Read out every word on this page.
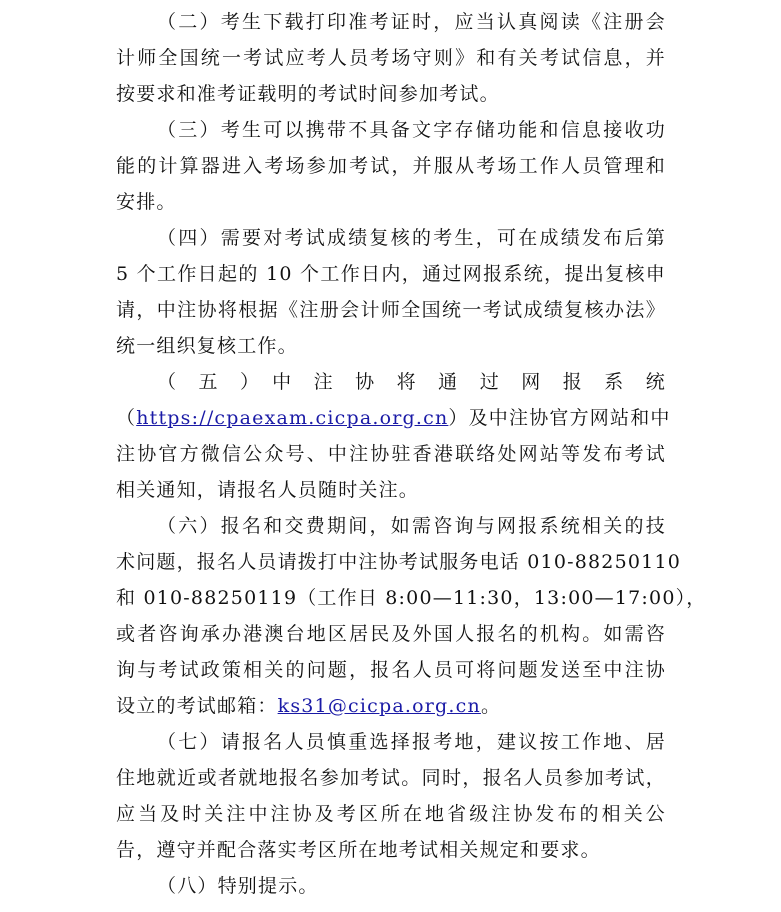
（二）考生下载打印准考证时，应当认真阅读《注册会
计师全国统一考试应考人员考场守则》和有关考试信息，并
按要求和准考证载明的考试时间参加考试。
（三）考生可以携带不具备文字存储功能和信息接收功
能的计算器进入考场参加考试，并服从考场工作人员管理和
安排。
（四）需要对考试成绩复核的考生，可在成绩发布后第
5 个工作日起的 10 个工作日内，通过网报系统，提出复核申
请，中注协将根据《注册会计师全国统一考试成绩复核办法》
统一组织复核工作。
（　五　）　中　注　协　将　通　过　网　报　系　统
（https://cpaexam.cicpa.org.cn）及中注协官方网站和中
注协官方微信公众号、中注协驻香港联络处网站等发布考试
相关通知，请报名人员随时关注。
（六）报名和交费期间，如需咨询与网报系统相关的技
术问题，报名人员请拨打中注协考试服务电话 010-88250110
和 010-88250119（工作日 8:00—11:30，13:00—17:00），
或者咨询承办港澳台地区居民及外国人报名的机构。如需咨
询与考试政策相关的问题，报名人员可将问题发送至中注协
设立的考试邮箱：ks31@cicpa.org.cn。
（七）请报名人员慎重选择报考地，建议按工作地、居
住地就近或者就地报名参加考试。同时，报名人员参加考试，
应当及时关注中注协及考区所在地省级注协发布的相关公
告，遵守并配合落实考区所在地考试相关规定和要求。
（八）特别提示。
